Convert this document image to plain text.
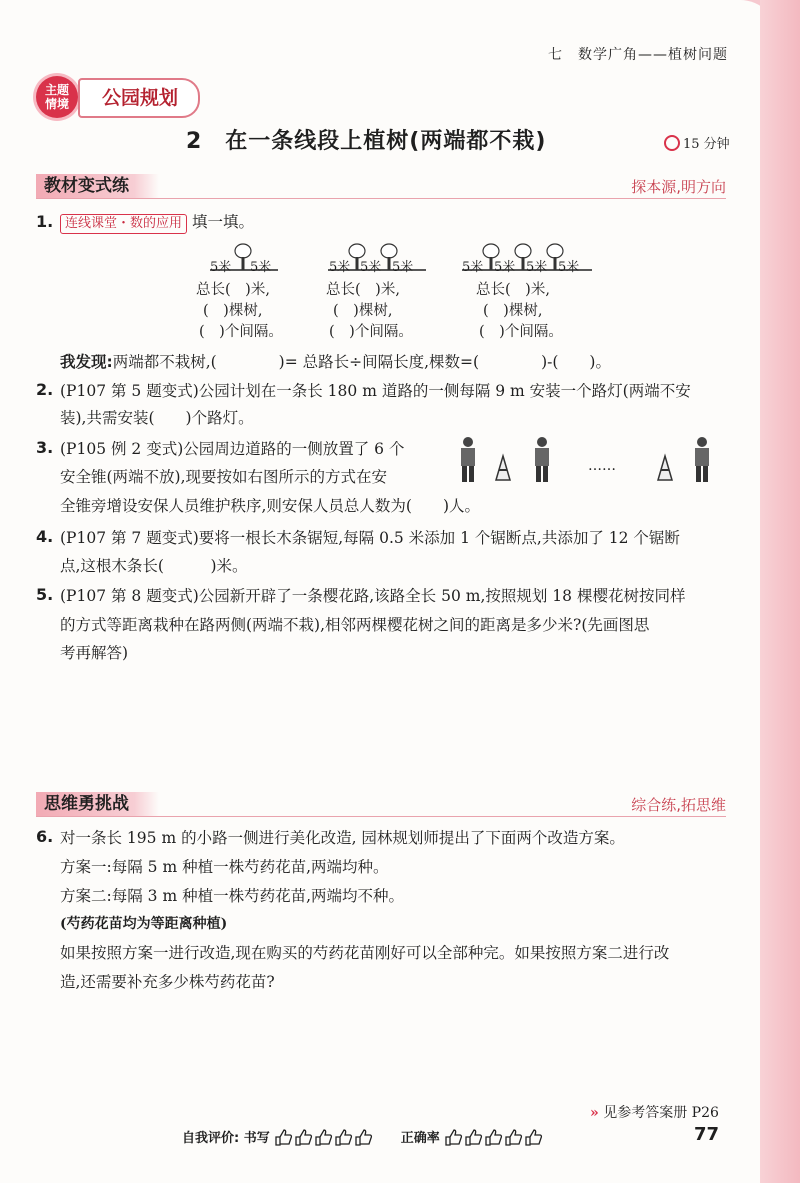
七　数学广角——植树问题
主题
情境	公园规划
2　在一条线段上植树(两端都不栽)	15 分钟
教材变式练	探本源,明方向
1. 连线课堂・数的应用 填一填。
5米 5米	5米 5米 5米	5米 5米 5米 5米
总长(　)米,
(　)棵树,
(　)个间隔。
总长(　)米,
(　)棵树,
(　)个间隔。
总长(　)米,
(　)棵树,
(　)个间隔。
我发现:两端都不栽树,(　　　　)= 总路长÷间隔长度,棵数=(　　　　)-(　　)。
2. (P107 第 5 题变式)公园计划在一条长 180 m 道路的一侧每隔 9 m 安装一个路灯(两端不安
装),共需安装(　　)个路灯。
3. (P105 例 2 变式)公园周边道路的一侧放置了 6 个
安全锥(两端不放),现要按如右图所示的方式在安
全锥旁增设安保人员维护秩序,则安保人员总人数为(　　)人。
……
4. (P107 第 7 题变式)要将一根长木条锯短,每隔 0.5 米添加 1 个锯断点,共添加了 12 个锯断
点,这根木条长(　　　)米。
5. (P107 第 8 题变式)公园新开辟了一条樱花路,该路全长 50 m,按照规划 18 棵樱花树按同样
的方式等距离栽种在路两侧(两端不栽),相邻两棵樱花树之间的距离是多少米?(先画图思
考再解答)
思维勇挑战	综合练,拓思维
6. 对一条长 195 m 的小路一侧进行美化改造, 园林规划师提出了下面两个改造方案。
方案一:每隔 5 m 种植一株芍药花苗,两端均种。
方案二:每隔 3 m 种植一株芍药花苗,两端均不种。
(芍药花苗均为等距离种植)
如果按照方案一进行改造,现在购买的芍药花苗刚好可以全部种完。如果按照方案二进行改
造,还需要补充多少株芍药花苗?
» 见参考答案册 P26
自我评价: 书写	正确率	77
